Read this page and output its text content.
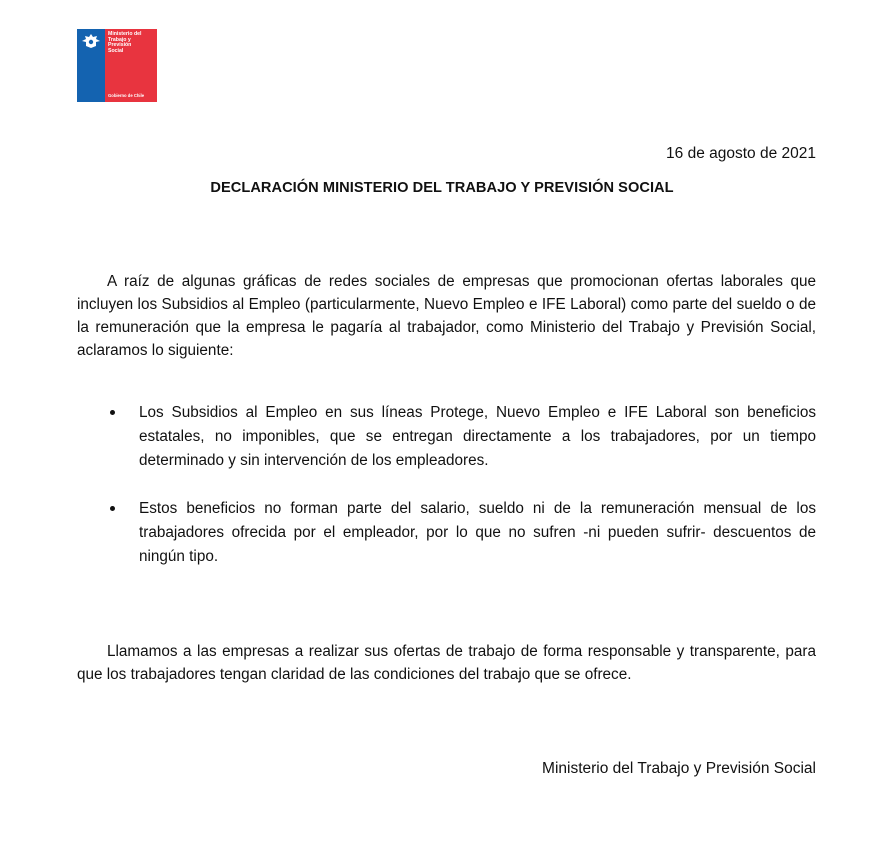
Ministerio del
Trabajo y
Previsión
Social
Gobierno de Chile
16 de agosto de 2021
DECLARACIÓN MINISTERIO DEL TRABAJO Y PREVISIÓN SOCIAL

A raíz de algunas gráficas de redes sociales de empresas que promocionan ofertas laborales que incluyen los Subsidios al Empleo (particularmente, Nuevo Empleo e IFE Laboral) como parte del sueldo o de la remuneración que la empresa le pagaría al trabajador, como Ministerio del Trabajo y Previsión Social, aclaramos lo siguiente:

Los Subsidios al Empleo en sus líneas Protege, Nuevo Empleo e IFE Laboral son beneficios estatales, no imponibles, que se entregan directamente a los trabajadores, por un tiempo determinado y sin intervención de los empleadores.
Estos beneficios no forman parte del salario, sueldo ni de la remuneración mensual de los trabajadores ofrecida por el empleador, por lo que no sufren -ni pueden sufrir- descuentos de ningún tipo.

Llamamos a las empresas a realizar sus ofertas de trabajo de forma responsable y transparente, para que los trabajadores tengan claridad de las condiciones del trabajo que se ofrece.

Ministerio del Trabajo y Previsión Social
